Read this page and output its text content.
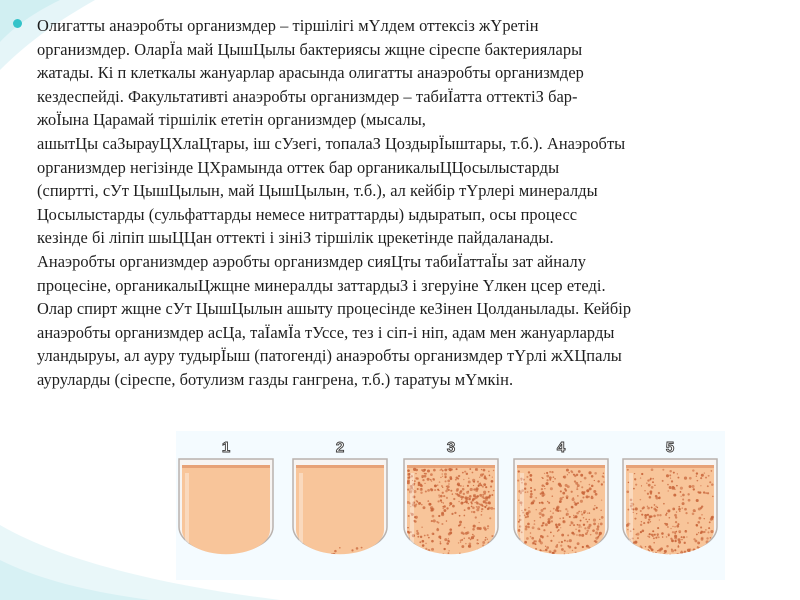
Олигатты анаэробты организмдер – тіршілігі мҮлдем оттексіз жҮретін
организмдер. ОларЇа май ЦышЦылы бактериясы жщне сіреспе бактериялары
жатады. Кі п клеткалы жануарлар арасында олигатты анаэробты организмдер
кездеспейді. Факультативті анаэробты организмдер – табиЇатта оттектіЗ бар-
жоЇына Царамай тіршілік ететін организмдер (мысалы,
ашытЦы саЗырауЦХлаЦтары, іш сУзегі, топалаЗ ЦоздырЇыштары, т.б.). Анаэробты
организмдер негізінде ЦХрамында оттек бар органикалыЦЦосылыстарды
(спиртті, сУт ЦышЦылын, май ЦышЦылын, т.б.), ал кейбір тҮрлері минералды
Цосылыстарды (сульфаттарды немесе нитраттарды) ыдыратып, осы процесс
кезінде бі ліпіп шыЦЦан оттекті і зініЗ тіршілік црекетінде пайдаланады.
Анаэробты организмдер аэробты организмдер сияЦты табиЇаттаЇы зат айналу
процесіне, органикалыЦжщне минералды заттардыЗ і згеруіне Үлкен цсер етеді.
Олар спирт жщне сУт ЦышЦылын ашыту процесінде кеЗінен Цолданылады. Кейбір
анаэробты организмдер асЦа, таЇамЇа тУссе, тез і сіп-і ніп, адам мен жануарларды
уландыруы, ал ауру тудырЇыш (патогенді) анаэробты организмдер тҮрлі жХЦпалы
ауруларды (сіреспе, ботулизм газды гангрена, т.б.) таратуы мҮмкін.

1	2	3	4	5
